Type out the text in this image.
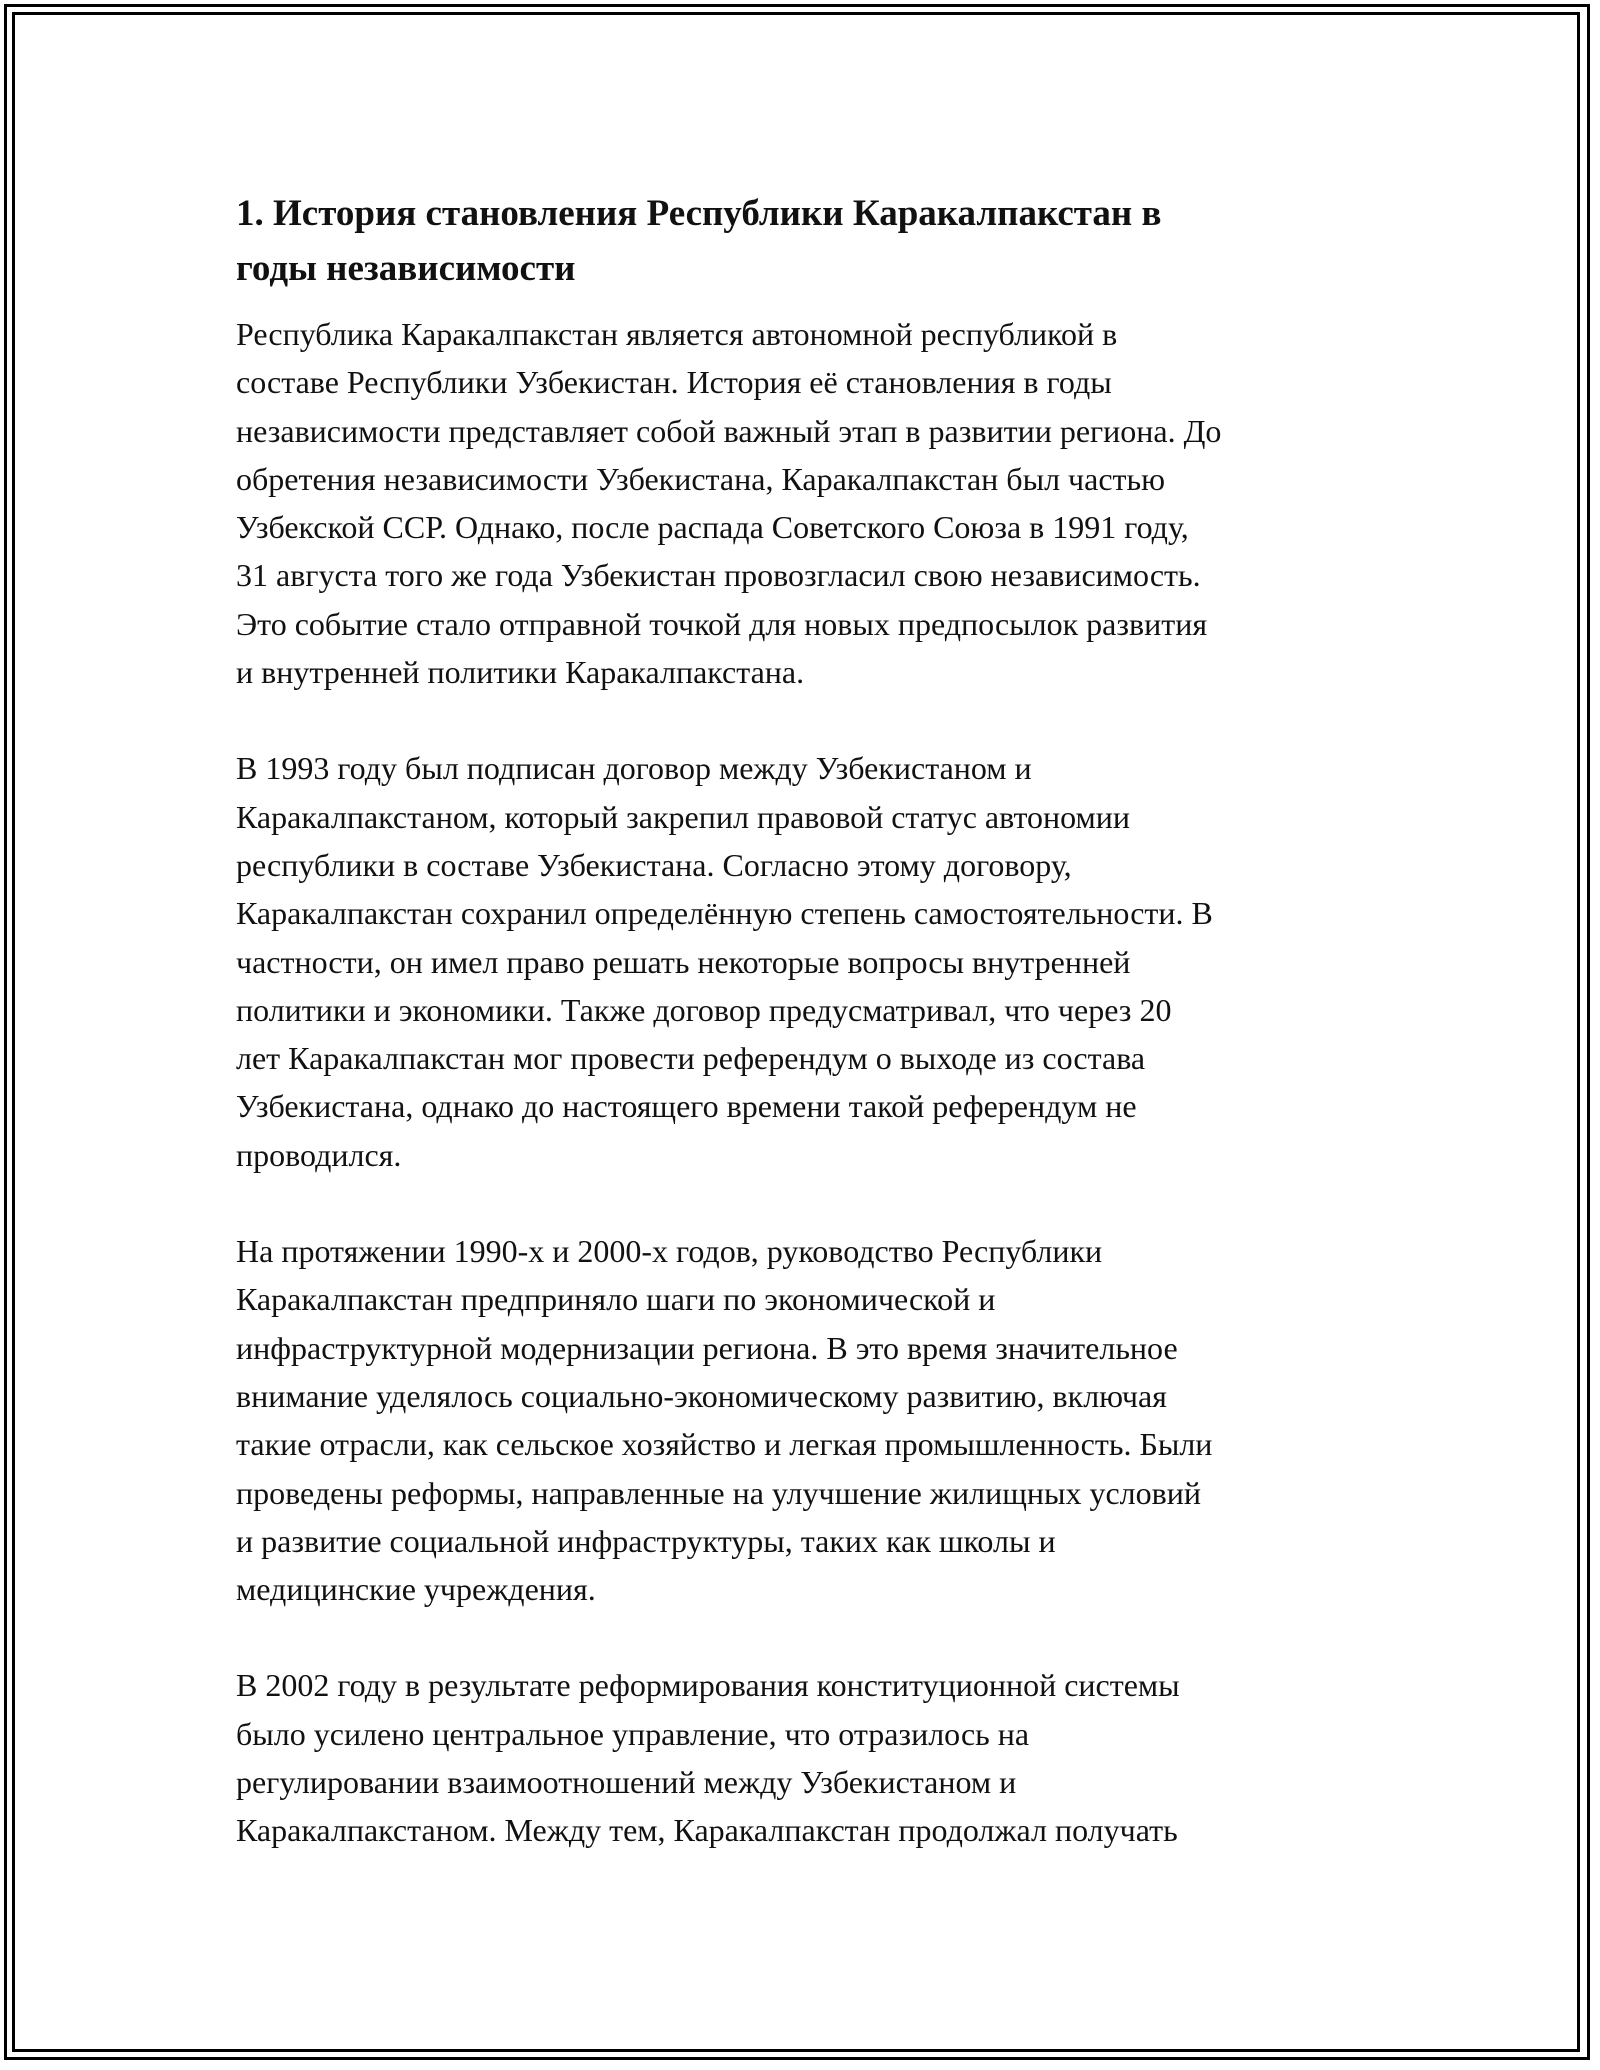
1. История становления Республики Каракалпакстан в
годы независимости

Республика Каракалпакстан является автономной республикой в
составе Республики Узбекистан. История её становления в годы
независимости представляет собой важный этап в развитии региона. До
обретения независимости Узбекистана, Каракалпакстан был частью
Узбекской ССР. Однако, после распада Советского Союза в 1991 году,
31 августа того же года Узбекистан провозгласил свою независимость.
Это событие стало отправной точкой для новых предпосылок развития
и внутренней политики Каракалпакстана.

В 1993 году был подписан договор между Узбекистаном и
Каракалпакстаном, который закрепил правовой статус автономии
республики в составе Узбекистана. Согласно этому договору,
Каракалпакстан сохранил определённую степень самостоятельности. В
частности, он имел право решать некоторые вопросы внутренней
политики и экономики. Также договор предусматривал, что через 20
лет Каракалпакстан мог провести референдум о выходе из состава
Узбекистана, однако до настоящего времени такой референдум не
проводился.

На протяжении 1990-х и 2000-х годов, руководство Республики
Каракалпакстан предприняло шаги по экономической и
инфраструктурной модернизации региона. В это время значительное
внимание уделялось социально-экономическому развитию, включая
такие отрасли, как сельское хозяйство и легкая промышленность. Были
проведены реформы, направленные на улучшение жилищных условий
и развитие социальной инфраструктуры, таких как школы и
медицинские учреждения.

В 2002 году в результате реформирования конституционной системы
было усилено центральное управление, что отразилось на
регулировании взаимоотношений между Узбекистаном и
Каракалпакстаном. Между тем, Каракалпакстан продолжал получать
